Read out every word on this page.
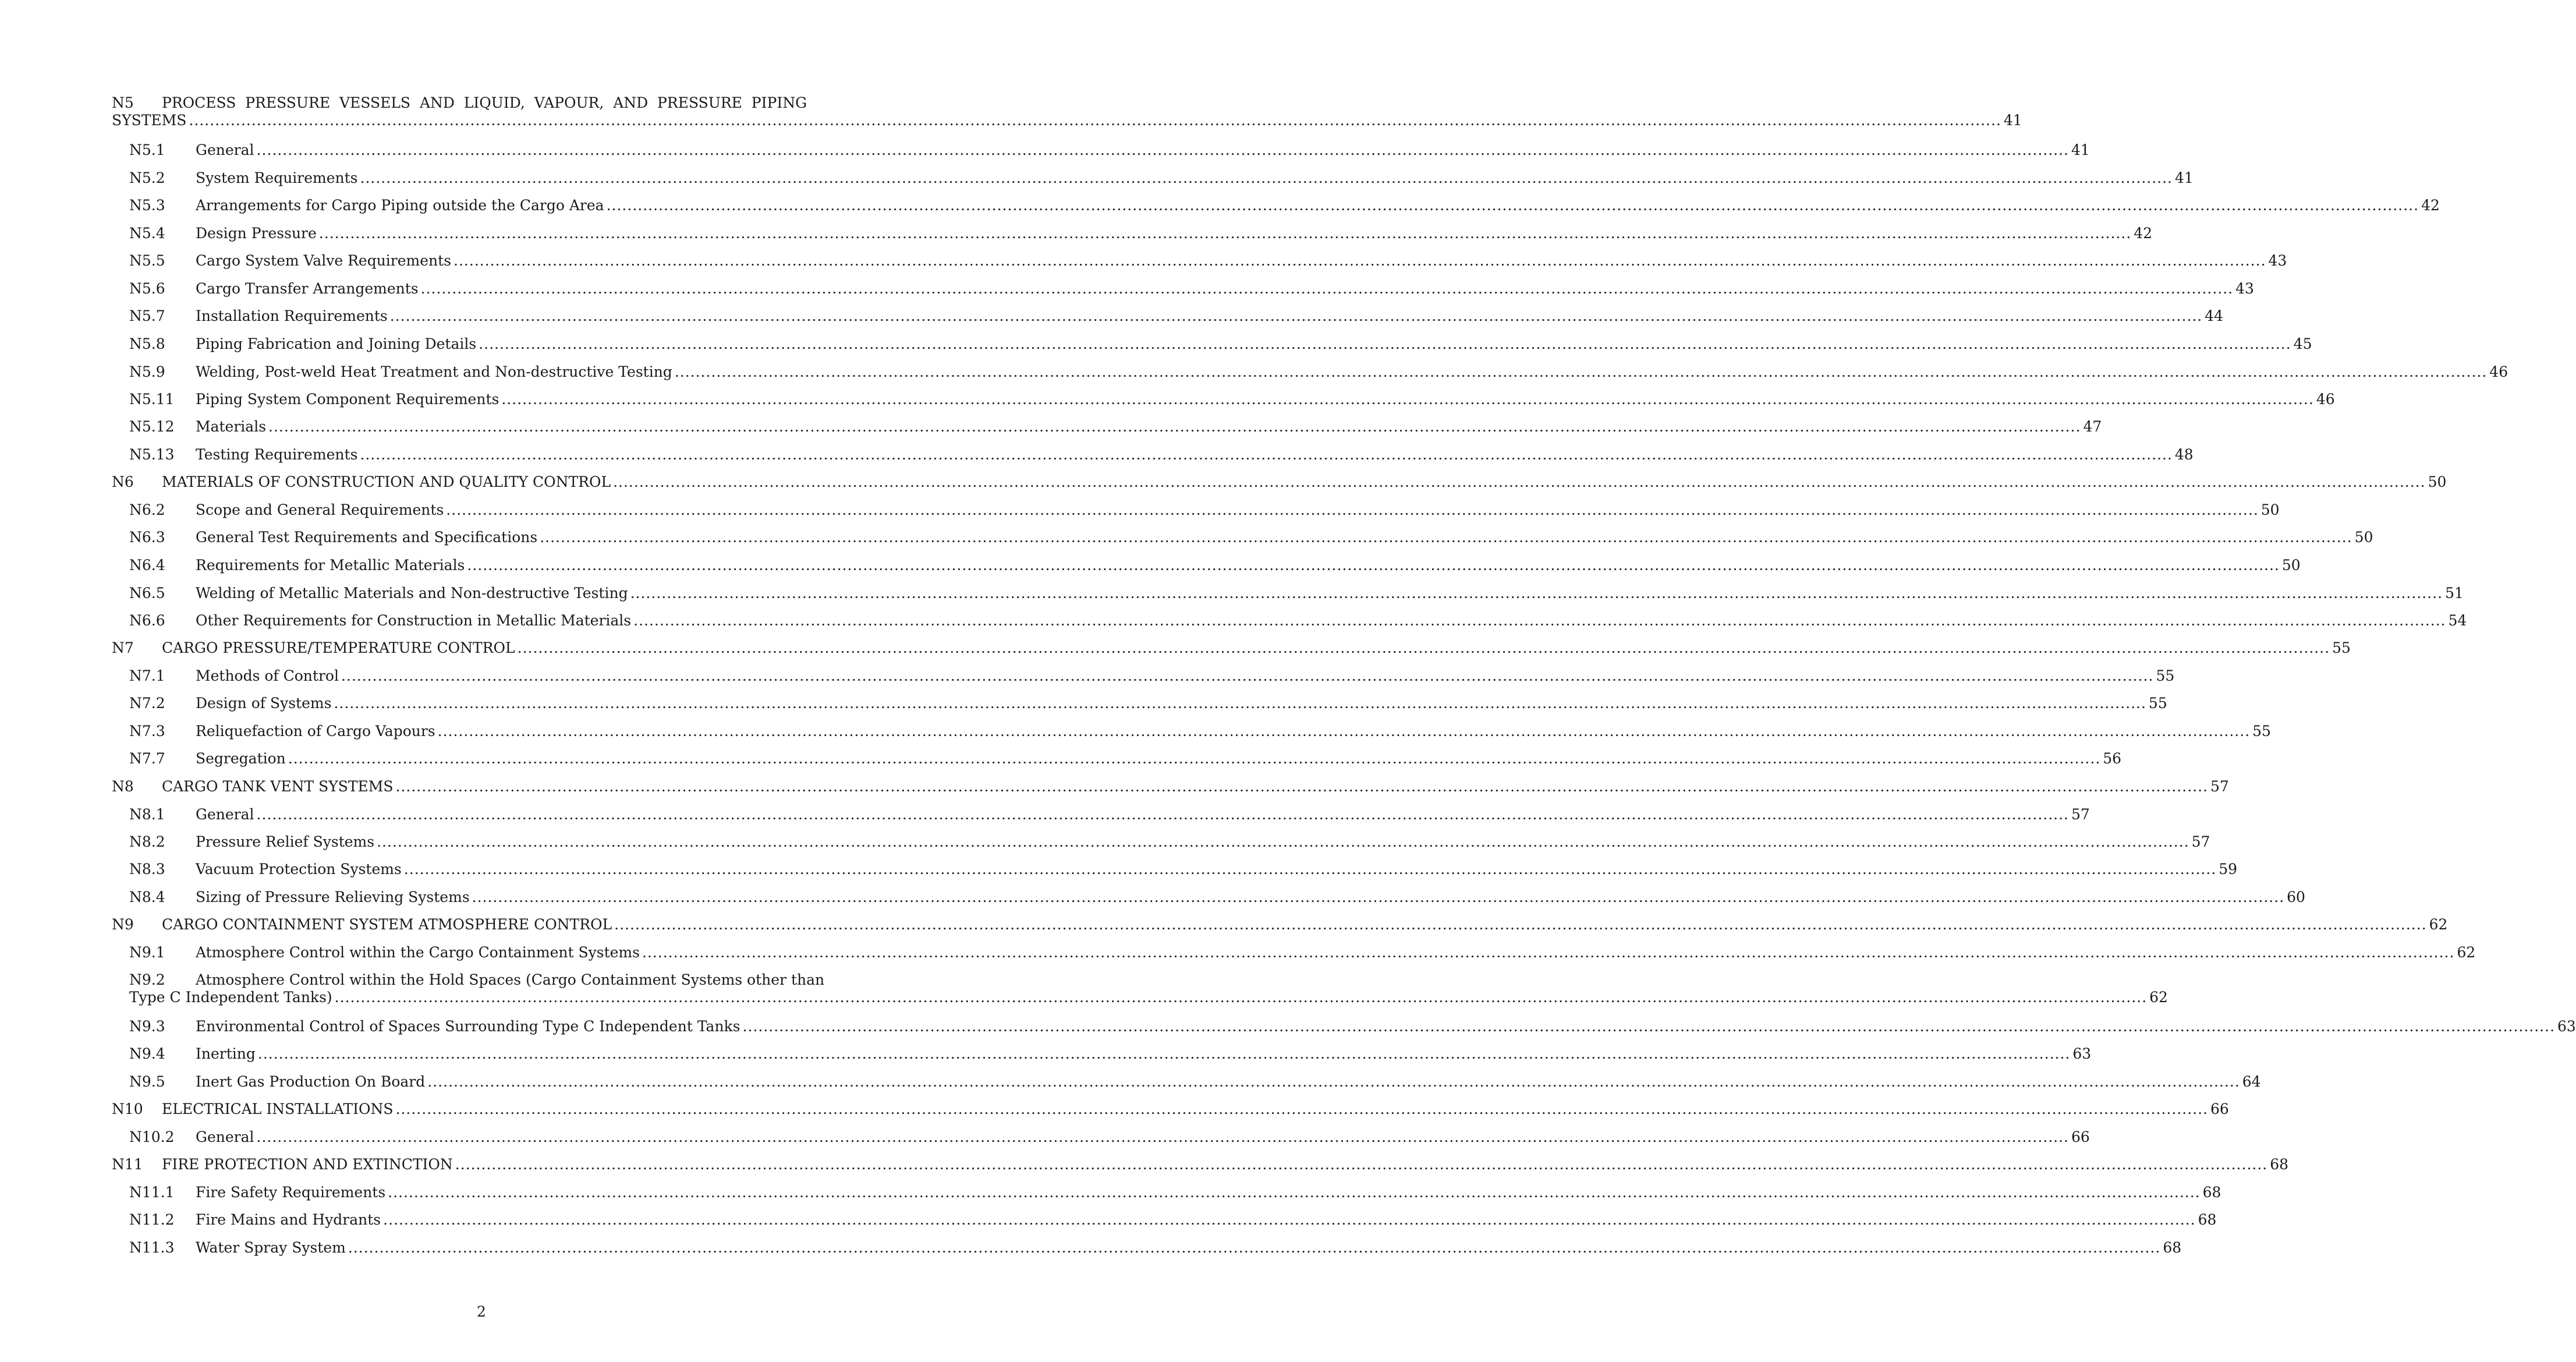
N5	PROCESS  PRESSURE  VESSELS  AND  LIQUID,  VAPOUR,  AND  PRESSURE  PIPING
SYSTEMS .....	41
N5.1	General .....	41
N5.2	System Requirements .....	41
N5.3	Arrangements for Cargo Piping outside the Cargo Area .....	42
N5.4	Design Pressure .....	42
N5.5	Cargo System Valve Requirements .....	43
N5.6	Cargo Transfer Arrangements .....	43
N5.7	Installation Requirements .....	44
N5.8	Piping Fabrication and Joining Details .....	45
N5.9	Welding, Post-weld Heat Treatment and Non-destructive Testing .....	46
N5.11	Piping System Component Requirements .....	46
N5.12	Materials .....	47
N5.13	Testing Requirements .....	48
N6	MATERIALS OF CONSTRUCTION AND QUALITY CONTROL .....	50
N6.2	Scope and General Requirements .....	50
N6.3	General Test Requirements and Specifications .....	50
N6.4	Requirements for Metallic Materials .....	50
N6.5	Welding of Metallic Materials and Non-destructive Testing .....	51
N6.6	Other Requirements for Construction in Metallic Materials .....	54
N7	CARGO PRESSURE/TEMPERATURE CONTROL .....	55
N7.1	Methods of Control .....	55
N7.2	Design of Systems .....	55
N7.3	Reliquefaction of Cargo Vapours .....	55
N7.7	Segregation .....	56
N8	CARGO TANK VENT SYSTEMS .....	57
N8.1	General .....	57
N8.2	Pressure Relief Systems .....	57
N8.3	Vacuum Protection Systems .....	59
N8.4	Sizing of Pressure Relieving Systems .....	60
N9	CARGO CONTAINMENT SYSTEM ATMOSPHERE CONTROL .....	62
N9.1	Atmosphere Control within the Cargo Containment Systems .....	62
N9.2	Atmosphere Control within the Hold Spaces (Cargo Containment Systems other than
Type C Independent Tanks) .....	62
N9.3	Environmental Control of Spaces Surrounding Type C Independent Tanks .....	63
N9.4	Inerting .....	63
N9.5	Inert Gas Production On Board .....	64
N10	ELECTRICAL INSTALLATIONS .....	66
N10.2	General .....	66
N11	FIRE PROTECTION AND EXTINCTION .....	68
N11.1	Fire Safety Requirements .....	68
N11.2	Fire Mains and Hydrants .....	68
N11.3	Water Spray System .....	68
2
